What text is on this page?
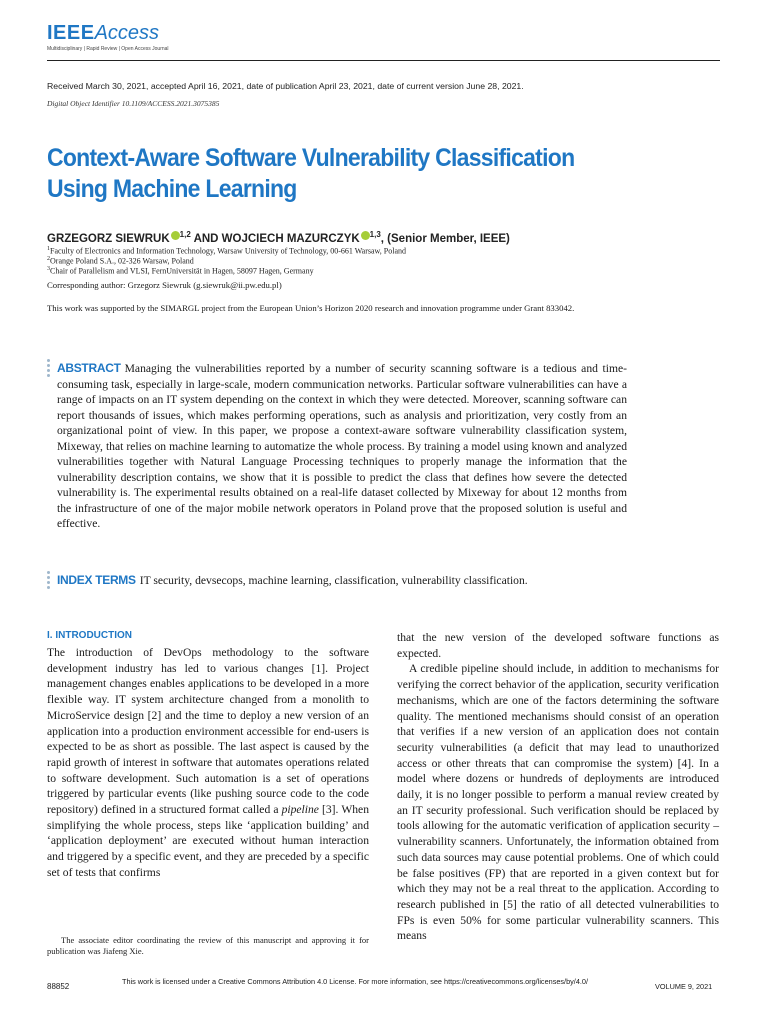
IEEEAccess
Multidisciplinary | Rapid Review | Open Access Journal
Received March 30, 2021, accepted April 16, 2021, date of publication April 23, 2021, date of current version June 28, 2021.
Digital Object Identifier 10.1109/ACCESS.2021.3075385
Context-Aware Software Vulnerability Classification Using Machine Learning
GRZEGORZ SIEWRUK $^{1,2}$ AND WOJCIECH MAZURCZYK $^{1,3}$, (Senior Member, IEEE)
$^1$Faculty of Electronics and Information Technology, Warsaw University of Technology, 00-661 Warsaw, Poland
$^2$Orange Poland S.A., 02-326 Warsaw, Poland
$^3$Chair of Parallelism and VLSI, FernUniversität in Hagen, 58097 Hagen, Germany
Corresponding author: Grzegorz Siewruk (g.siewruk@ii.pw.edu.pl)
This work was supported by the SIMARGL project from the European Union’s Horizon 2020 research and innovation programme under Grant 833042.
ABSTRACT Managing the vulnerabilities reported by a number of security scanning software is a tedious and time-consuming task, especially in large-scale, modern communication networks. Particular software vulnerabilities can have a range of impacts on an IT system depending on the context in which they were detected. Moreover, scanning software can report thousands of issues, which makes performing operations, such as analysis and prioritization, very costly from an organizational point of view. In this paper, we propose a context-aware software vulnerability classification system, Mixeway, that relies on machine learning to automatize the whole process. By training a model using known and analyzed vulnerabilities together with Natural Language Processing techniques to properly manage the information that the vulnerability description contains, we show that it is possible to predict the class that defines how severe the detected vulnerability is. The experimental results obtained on a real-life dataset collected by Mixeway for about 12 months from the infrastructure of one of the major mobile network operators in Poland prove that the proposed solution is useful and effective.
INDEX TERMS IT security, devsecops, machine learning, classification, vulnerability classification.
I. INTRODUCTION

The introduction of DevOps methodology to the software development industry has led to various changes [1]. Project management changes enables applications to be developed in a more flexible way. IT system architecture changed from a monolith to MicroService design [2] and the time to deploy a new version of an application into a production environment accessible for end-users is expected to be as short as possible. The last aspect is caused by the rapid growth of interest in software that automates operations related to software development. Such automation is a set of operations triggered by particular events (like pushing source code to the code repository) defined in a structured format called a pipeline [3]. When simplifying the whole process, steps like ‘application building’ and ‘application deployment’ are executed without human interaction and triggered by a specific event, and they are preceded by a specific set of tests that confirms

that the new version of the developed software functions as expected.

A credible pipeline should include, in addition to mechanisms for verifying the correct behavior of the application, security verification mechanisms, which are one of the factors determining the software quality. The mentioned mechanisms should consist of an operation that verifies if a new version of an application does not contain security vulnerabilities (a deficit that may lead to unauthorized access or other threats that can compromise the system) [4]. In a model where dozens or hundreds of deployments are introduced daily, it is no longer possible to perform a manual review created by an IT security professional. Such verification should be replaced by tools allowing for the automatic verification of application security – vulnerability scanners. Unfortunately, the information obtained from such data sources may cause potential problems. One of which could be false positives (FP) that are reported in a given context but for which they may not be a real threat to the application. According to research published in [5] the ratio of all detected vulnerabilities to FPs is even 50% for some particular vulnerability scanners. This means

The associate editor coordinating the review of this manuscript and approving it for publication was Jiafeng Xie.

88852
This work is licensed under a Creative Commons Attribution 4.0 License. For more information, see https://creativecommons.org/licenses/by/4.0/
VOLUME 9, 2021
